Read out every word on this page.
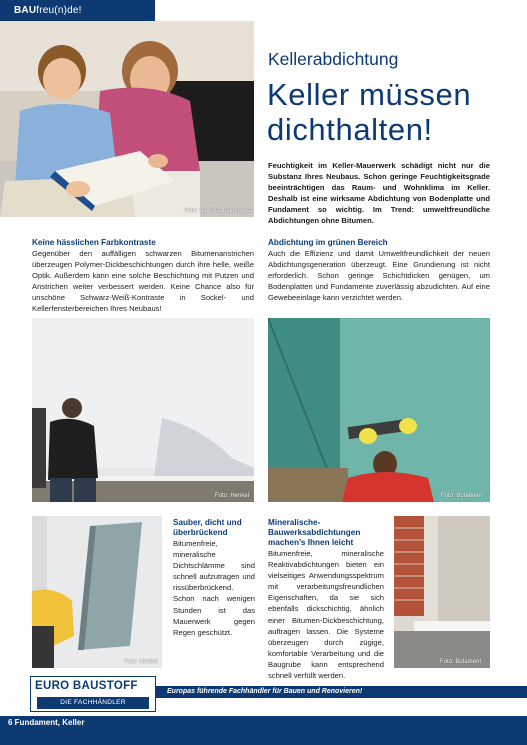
BAUfreu(n)de!
Foto: Saint-Gobain Isover
Kellerabdichtung
Keller müssen
dichthalten!
Feuchtigkeit im Keller-Mauerwerk schädigt nicht nur die Substanz Ihres Neubaus. Schon geringe Feuchtigkeitsgrade beeinträchtigen das Raum- und Wohnklima im Keller. Deshalb ist eine wirksame Abdichtung von Bodenplatte und Fundament so wichtig. Im Trend: umweltfreundliche Abdichtungen ohne Bitumen.
Keine hässlichen Farbkontraste
Gegenüber den auffälligen schwarzen Bitumenanstrichen überzeugen Polymer-Dickbeschichtungen durch ihre helle, weiße Optik. Außerdem kann eine solche Beschichtung mit Putzen und Anstrichen weiter verbessert werden. Keine Chance also für unschöne Schwarz-Weiß-Kontraste in Sockel- und Kellerfensterbereichen Ihres Neubaus!
Abdichtung im grünen Bereich
Auch die Effizienz und damit Umweltfreundlichkeit der neuen Abdichtungsgeneration überzeugt. Eine Grundierung ist nicht erforderlich. Schon geringe Schichtdicken genügen, um Bodenplatten und Fundamente zuverlässig abzudichten. Auf eine Gewebeeinlage kann verzichtet werden.
Foto: Henkel	Foto: Botament
Foto: Henkel
Sauber, dicht und überbrückend
Bitumenfreie, mineralische Dichtschlämme sind schnell aufzutragen und rissüberbrückend. Schon nach wenigen Stunden ist das Mauerwerk gegen Regen geschützt.
Mineralische-Bauwerksabdichtungen machen’s Ihnen leicht
Bitumenfreie, mineralische Reaktivabdichtungen bieten ein vielseitiges Anwendungsspektrum mit verarbeitungsfreundlichen Eigenschaften, da sie sich ebenfalls dickschichtig, ähnlich einer Bitumen-Dickbeschichtung, auftragen lassen. Die Systeme überzeugen durch zügige, komfortable Verarbeitung und die Baugrube kann entsprechend schnell verfüllt werden.
Foto: Botament
Europas führende Fachhändler für Bauen und Renovieren!
EURO BAUSTOFF
DIE FACHHÄNDLER
6 Fundament, Keller
